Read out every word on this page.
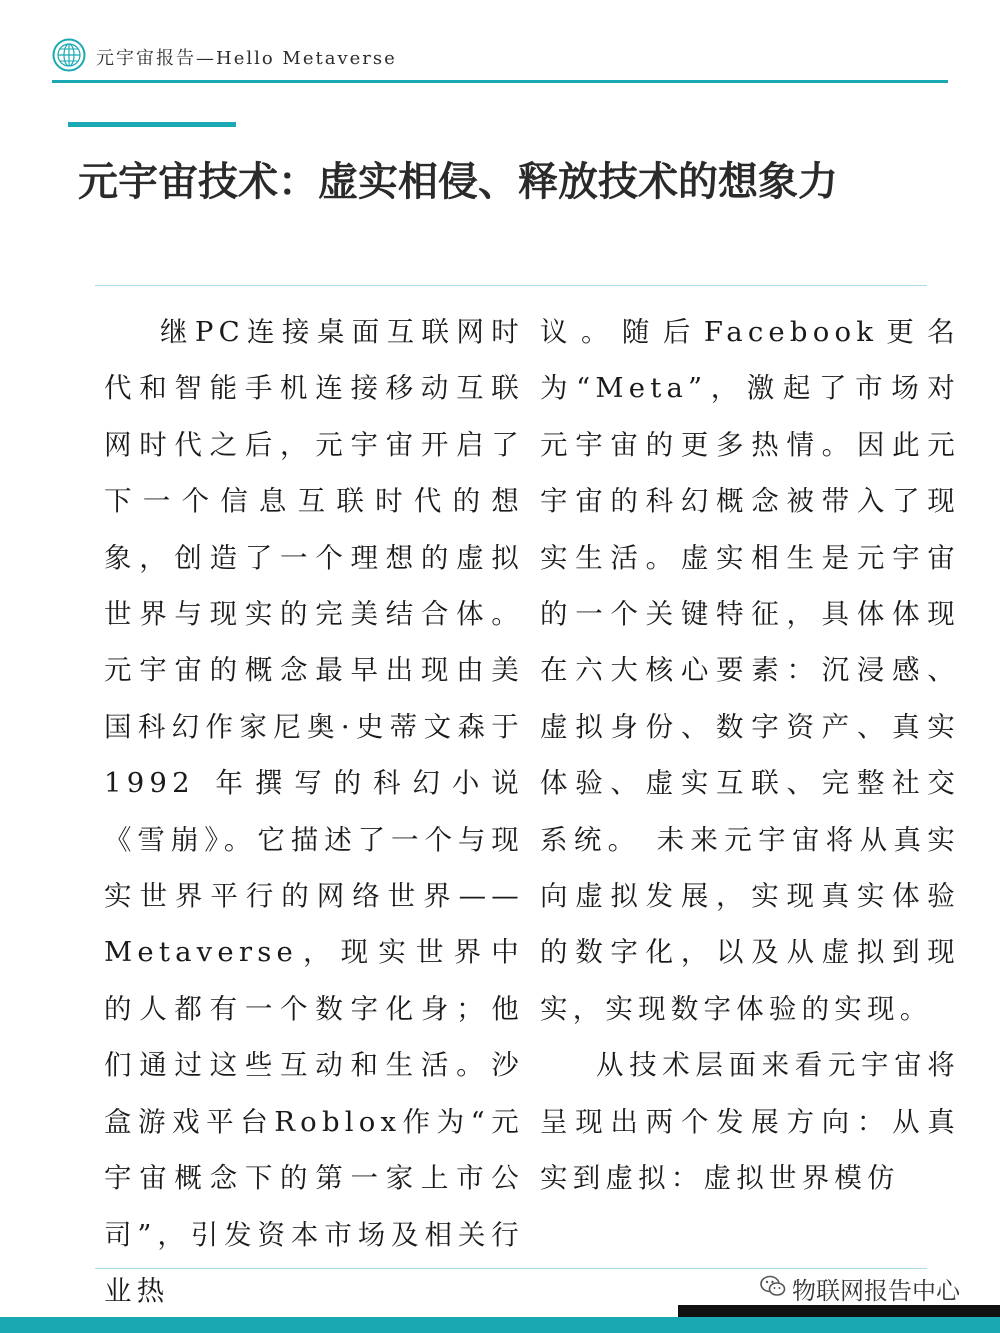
元宇宙报告—Hello Metaverse
元宇宙技术：虚实相侵、释放技术的想象力

继PC连接桌面互联网时代和智能手机连接移动互联网时代之后，元宇宙开启了下一个信息互联时代的想象，创造了一个理想的虚拟世界与现实的完美结合体。元宇宙的概念最早出现由美国科幻作家尼奥·史蒂文森于1992 年撰写的科幻小说《雪崩》。它描述了一个与现实世界平行的网络世界——Metaverse，现实世界中的人都有一个数字化身；他们通过这些互动和生活。沙盒游戏平台Roblox作为“元宇宙概念下的第一家上市公司”，引发资本市场及相关行业热

议。随后Facebook更名为“Meta”，激起了市场对元宇宙的更多热情。因此元宇宙的科幻概念被带入了现实生活。虚实相生是元宇宙的一个关键特征，具体体现在六大核心要素：沉浸感、虚拟身份、数字资产、真实体验、虚实互联、完整社交系统。 未来元宇宙将从真实向虚拟发展，实现真实体验的数字化，以及从虚拟到现实，实现数字体验的实现。

从技术层面来看元宇宙将呈现出两个发展方向：从真实到虚拟：虚拟世界模仿

物联网报告中心
